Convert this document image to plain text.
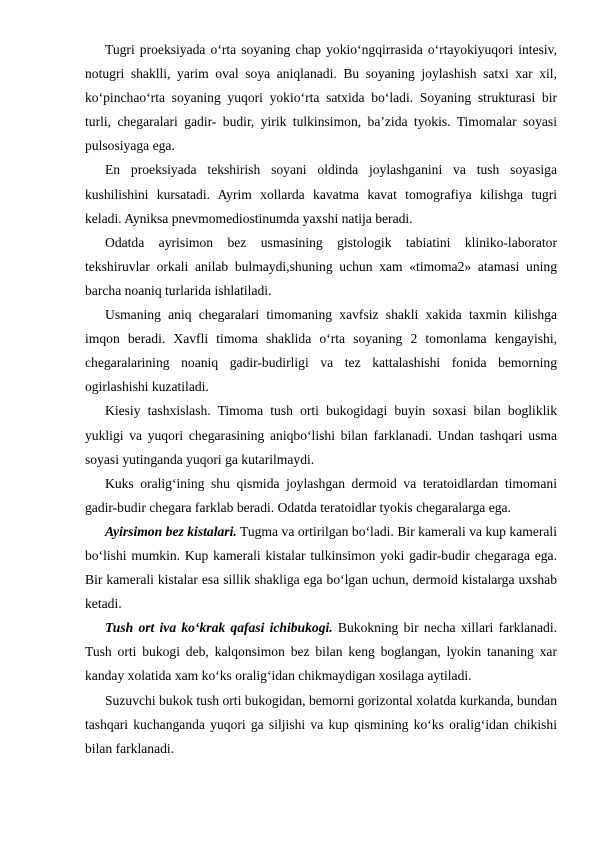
Tugri proeksiyada o‘rta soyaning chap yokio‘ngqirrasida o‘rtayokiyuqori intesiv, notugri shaklli, yarim oval soya aniqlanadi. Bu soyaning joylashish satxi xar xil, ko‘pinchao‘rta soyaning yuqori yokio‘rta satxida bo‘ladi. Soyaning strukturasi bir turli, chegaralari gadir- budir, yirik tulkinsimon, ba’zida tyokis. Timomalar soyasi pulsosiyaga ega.

En proeksiyada tekshirish soyani oldinda joylashganini va tush soyasiga kushilishini kursatadi. Ayrim xollarda kavatma kavat tomografiya kilishga tugri keladi. Ayniksa pnevmomediostinumda yaxshi natija beradi.

Odatda ayrisimon bez usmasining gistologik tabiatini kliniko-laborator tekshiruvlar orkali anilab bulmaydi,shuning uchun xam «timoma2» atamasi uning barcha noaniq turlarida ishlatiladi.

Usmaning aniq chegaralari timomaning xavfsiz shakli xakida taxmin kilishga imqon beradi. Xavfli timoma shaklida o‘rta soyaning 2 tomonlama kengayishi, chegaralarining noaniq gadir-budirligi va tez kattalashishi fonida bemorning ogirlashishi kuzatiladi.

Kiesiy tashxislash. Timoma tush orti bukogidagi buyin soxasi bilan bogliklik yukligi va yuqori chegarasining aniqbo‘lishi bilan farklanadi. Undan tashqari usma soyasi yutinganda yuqori ga kutarilmaydi.

Kuks oralig‘ining shu qismida joylashgan dermoid va teratoidlardan timomani gadir-budir chegara farklab beradi. Odatda teratoidlar tyokis chegaralarga ega.

Ayirsimon bez kistalari. Tugma va ortirilgan bo‘ladi. Bir kamerali va kup kamerali bo‘lishi mumkin. Kup kamerali kistalar tulkinsimon yoki gadir-budir chegaraga ega. Bir kamerali kistalar esa sillik shakliga ega bo‘lgan uchun, dermoid kistalarga uxshab ketadi.

Tush ort iva ko‘krak qafasi ichibukogi. Bukokning bir necha xillari farklanadi. Tush orti bukogi deb, kalqonsimon bez bilan keng boglangan, lyokin tananing xar kanday xolatida xam ko‘ks oralig‘idan chikmaydigan xosilaga aytiladi.

Suzuvchi bukok tush orti bukogidan, bemorni gorizontal xolatda kurkanda, bundan tashqari kuchanganda yuqori ga siljishi va kup qismining ko‘ks oralig‘idan chikishi bilan farklanadi.
